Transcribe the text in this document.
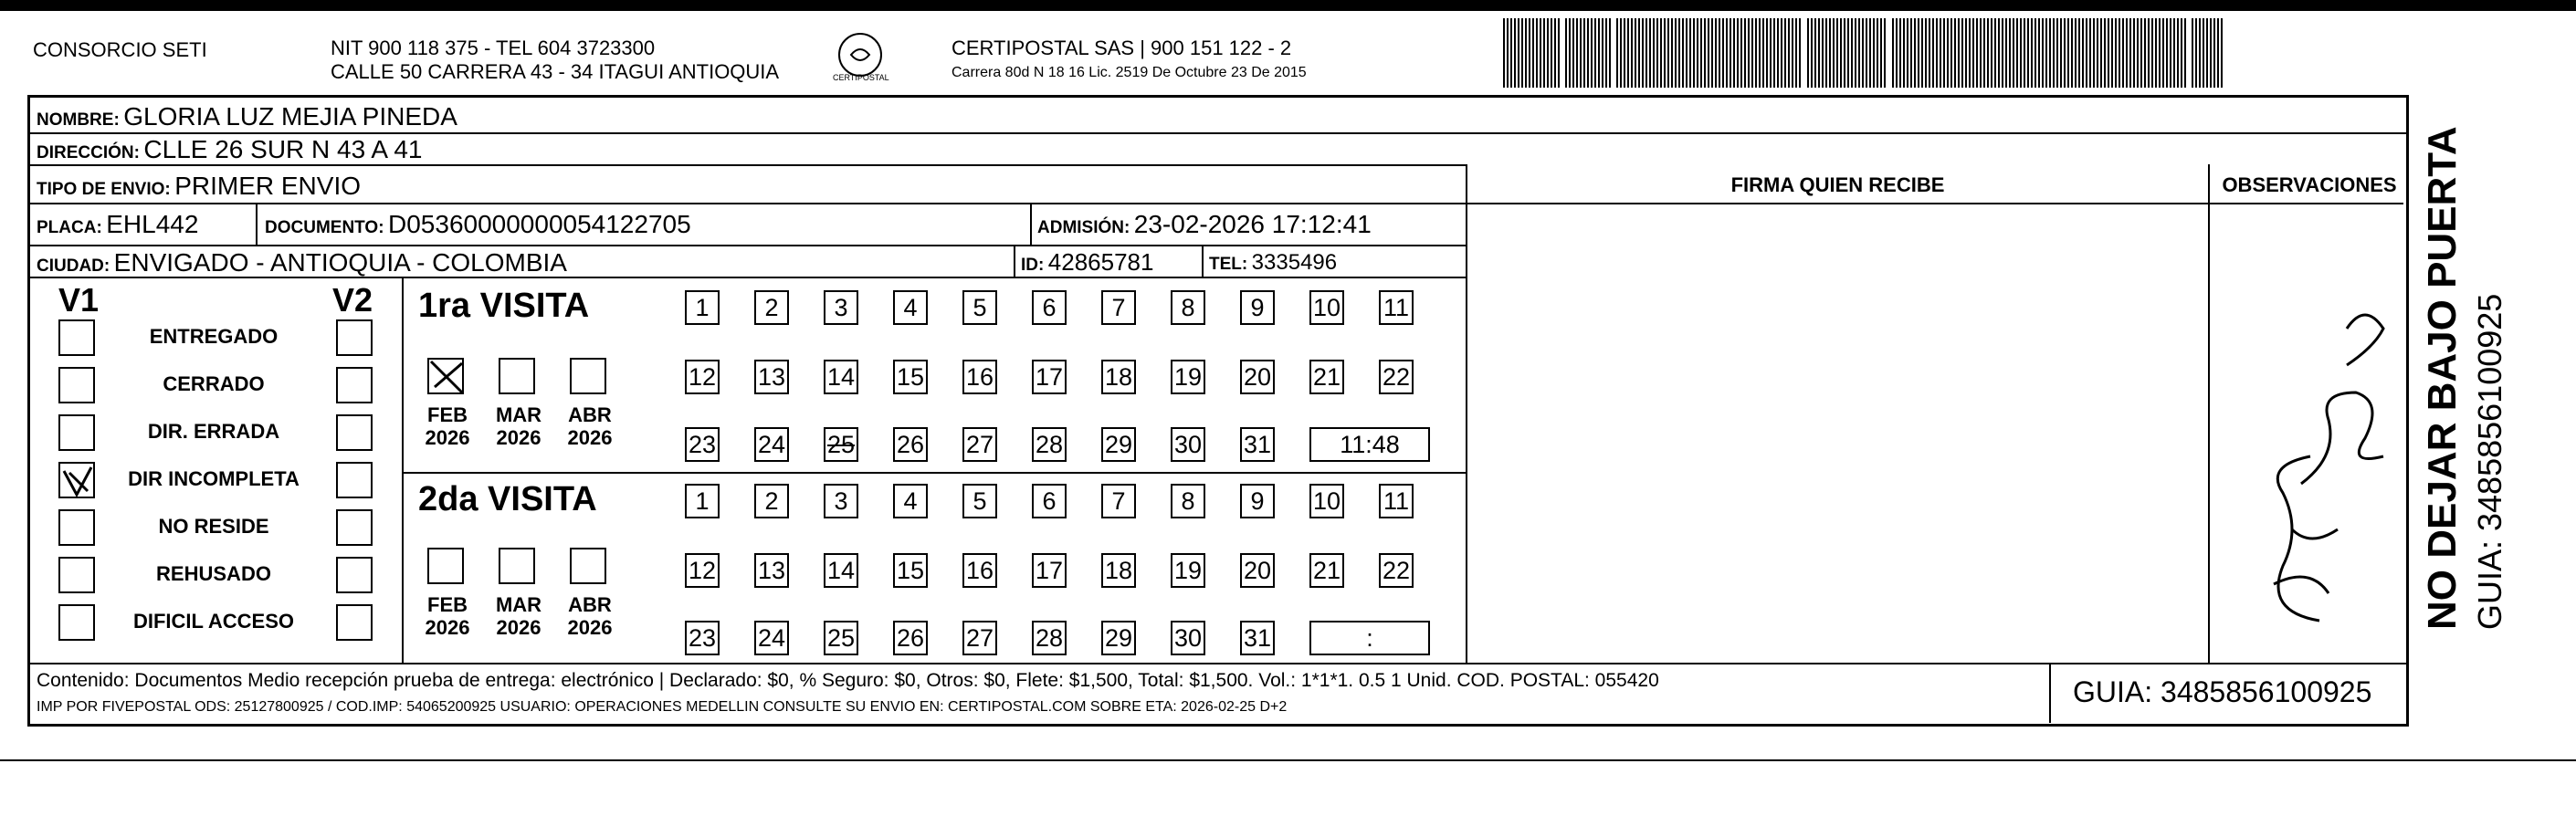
CONSORCIO SETI	NIT 900 118 375 - TEL 604 3723300
CALLE 50 CARRERA 43 - 34 ITAGUI ANTIOQUIA	CERTIPOSTAL
CERTIPOSTAL SAS | 900 151 122 - 2
Carrera 80d N 18 16 Lic. 2519 De Octubre 23 De 2015
NOMBRE: GLORIA LUZ MEJIA PINEDA
DIRECCIÓN: CLLE 26 SUR N 43 A 41
TIPO DE ENVIO: PRIMER ENVIO
PLACA: EHL442	DOCUMENTO: D05360000000054122705	ADMISIÓN: 23-02-2026 17:12:41
CIUDAD: ENVIGADO - ANTIOQUIA - COLOMBIA	ID: 42865781	TEL: 3335496
FIRMA QUIEN RECIBE	OBSERVACIONES
V1	V2
ENTREGADO
CERRADO
DIR. ERRADA
DIR INCOMPLETA
NO RESIDE
REHUSADO
DIFICIL ACCESO
1ra VISITA
2da VISITA
1	2	3	4	5	6	7	8	9	10 11
12 13 14 15 16 17 18 19 20 21 22
23 24 25 26 27 28 29 30 31	11:48
1	2	3	4	5	6	7	8	9	10 11
12 13 14 15 16 17 18 19 20 21 22
23 24 25 26 27 28 29 30 31	:
FEB
2026
MAR
2026
ABR
2026
FEB
2026
MAR
2026
ABR
2026
Contenido: Documentos Medio recepción prueba de entrega: electrónico | Declarado: $0, % Seguro: $0, Otros: $0, Flete: $1,500, Total: $1,500. Vol.: 1*1*1. 0.5 1 Unid. COD. POSTAL: 055420
IMP POR FIVEPOSTAL ODS: 25127800925 / COD.IMP: 54065200925 USUARIO: OPERACIONES MEDELLIN CONSULTE SU ENVIO EN: CERTIPOSTAL.COM SOBRE ETA: 2026-02-25 D+2	GUIA: 3485856100925
NO DEJAR BAJO PUERTA GUIA: 3485856100925
